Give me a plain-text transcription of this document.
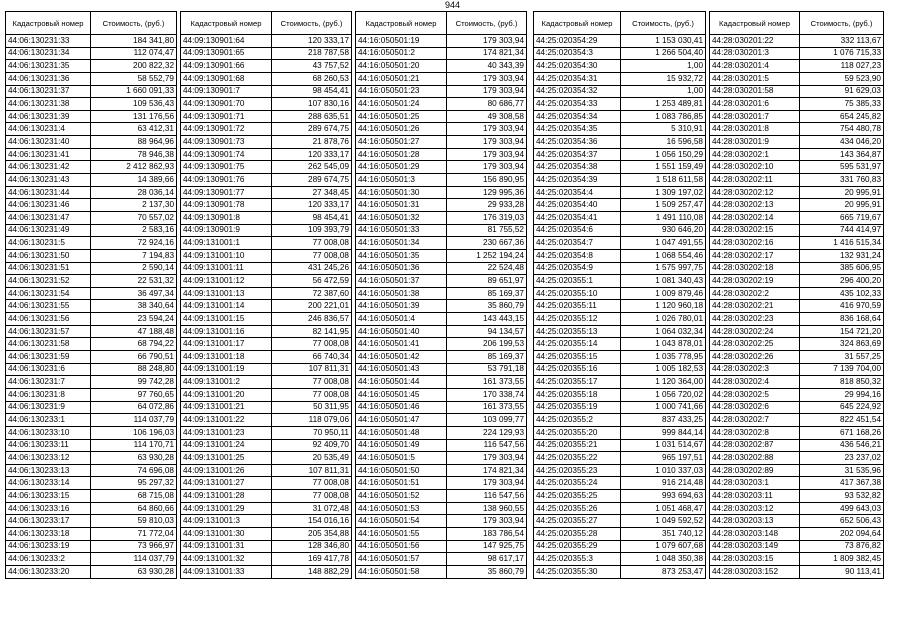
944
Кадастровый номер	Стоимость, (руб.)
44:06:130231:33	184 341,80
44:06:130231:34	112 074,47
44:06:130231:35	200 822,32
44:06:130231:36	58 552,79
44:06:130231:37	1 660 091,33
44:06:130231:38	109 536,43
44:06:130231:39	131 176,56
44:06:130231:4	63 412,31
44:06:130231:40	88 964,96
44:06:130231:41	78 946,38
44:06:130231:42	2 412 862,93
44:06:130231:43	14 389,66
44:06:130231:44	28 036,14
44:06:130231:46	2 137,30
44:06:130231:47	70 557,02
44:06:130231:49	2 583,16
44:06:130231:5	72 924,16
44:06:130231:50	7 194,83
44:06:130231:51	2 590,14
44:06:130231:52	22 531,32
44:06:130231:54	36 497,34
44:06:130231:55	38 340,64
44:06:130231:56	23 594,24
44:06:130231:57	47 188,48
44:06:130231:58	68 794,22
44:06:130231:59	66 790,51
44:06:130231:6	88 248,80
44:06:130231:7	99 742,28
44:06:130231:8	97 760,65
44:06:130231:9	64 072,86
44:06:130233:1	114 037,79
44:06:130233:10	106 196,03
44:06:130233:11	114 170,71
44:06:130233:12	63 930,28
44:06:130233:13	74 696,08
44:06:130233:14	95 297,32
44:06:130233:15	68 715,08
44:06:130233:16	64 860,66
44:06:130233:17	59 810,03
44:06:130233:18	71 772,04
44:06:130233:19	73 966,97
44:06:130233:2	114 037,79
44:06:130233:20	63 930,28
Кадастровый номер	Стоимость, (руб.)
44:09:130901:64	120 333,17
44:09:130901:65	218 787,58
44:09:130901:66	43 757,52
44:09:130901:68	68 260,53
44:09:130901:7	98 454,41
44:09:130901:70	107 830,16
44:09:130901:71	288 635,51
44:09:130901:72	289 674,75
44:09:130901:73	21 878,76
44:09:130901:74	120 333,17
44:09:130901:75	262 545,09
44:09:130901:76	289 674,75
44:09:130901:77	27 348,45
44:09:130901:78	120 333,17
44:09:130901:8	98 454,41
44:09:130901:9	109 393,79
44:09:131001:1	77 008,08
44:09:131001:10	77 008,08
44:09:131001:11	431 245,26
44:09:131001:12	56 472,59
44:09:131001:13	72 387,60
44:09:131001:14	200 221,01
44:09:131001:15	246 836,57
44:09:131001:16	82 141,95
44:09:131001:17	77 008,08
44:09:131001:18	66 740,34
44:09:131001:19	107 811,31
44:09:131001:2	77 008,08
44:09:131001:20	77 008,08
44:09:131001:21	50 311,95
44:09:131001:22	118 079,06
44:09:131001:23	70 950,11
44:09:131001:24	92 409,70
44:09:131001:25	20 535,49
44:09:131001:26	107 811,31
44:09:131001:27	77 008,08
44:09:131001:28	77 008,08
44:09:131001:29	31 072,48
44:09:131001:3	154 016,16
44:09:131001:30	205 354,88
44:09:131001:31	128 346,80
44:09:131001:32	169 417,78
44:09:131001:33	148 882,29
Кадастровый номер	Стоимость, (руб.)
44:16:050501:19	179 303,94
44:16:050501:2	174 821,34
44:16:050501:20	40 343,39
44:16:050501:21	179 303,94
44:16:050501:23	179 303,94
44:16:050501:24	80 686,77
44:16:050501:25	49 308,58
44:16:050501:26	179 303,94
44:16:050501:27	179 303,94
44:16:050501:28	179 303,94
44:16:050501:29	179 303,94
44:16:050501:3	156 890,95
44:16:050501:30	129 995,36
44:16:050501:31	29 933,28
44:16:050501:32	176 319,03
44:16:050501:33	81 755,52
44:16:050501:34	230 667,36
44:16:050501:35	1 252 194,24
44:16:050501:36	22 524,48
44:16:050501:37	89 651,97
44:16:050501:38	85 169,37
44:16:050501:39	35 860,79
44:16:050501:4	143 443,15
44:16:050501:40	94 134,57
44:16:050501:41	206 199,53
44:16:050501:42	85 169,37
44:16:050501:43	53 791,18
44:16:050501:44	161 373,55
44:16:050501:45	170 338,74
44:16:050501:46	161 373,55
44:16:050501:47	103 099,77
44:16:050501:48	224 129,93
44:16:050501:49	116 547,56
44:16:050501:5	179 303,94
44:16:050501:50	174 821,34
44:16:050501:51	179 303,94
44:16:050501:52	116 547,56
44:16:050501:53	138 960,55
44:16:050501:54	179 303,94
44:16:050501:55	183 786,54
44:16:050501:56	147 925,75
44:16:050501:57	98 617,17
44:16:050501:58	35 860,79
Кадастровый номер	Стоимость, (руб.)
44:25:020354:29	1 153 030,41
44:25:020354:3	1 266 504,40
44:25:020354:30	1,00
44:25:020354:31	15 932,72
44:25:020354:32	1,00
44:25:020354:33	1 253 489,81
44:25:020354:34	1 083 786,85
44:25:020354:35	5 310,91
44:25:020354:36	16 596,58
44:25:020354:37	1 056 150,29
44:25:020354:38	1 551 159,49
44:25:020354:39	1 518 611,58
44:25:020354:4	1 309 197,02
44:25:020354:40	1 509 257,47
44:25:020354:41	1 491 110,08
44:25:020354:6	930 646,20
44:25:020354:7	1 047 491,55
44:25:020354:8	1 068 554,46
44:25:020354:9	1 575 997,75
44:25:020355:1	1 081 340,43
44:25:020355:10	1 009 879,46
44:25:020355:11	1 120 960,18
44:25:020355:12	1 026 780,01
44:25:020355:13	1 064 032,34
44:25:020355:14	1 043 878,01
44:25:020355:15	1 035 778,95
44:25:020355:16	1 005 182,53
44:25:020355:17	1 120 364,00
44:25:020355:18	1 056 720,02
44:25:020355:19	1 000 741,66
44:25:020355:2	837 433,25
44:25:020355:20	999 844,14
44:25:020355:21	1 031 514,67
44:25:020355:22	965 197,51
44:25:020355:23	1 010 337,03
44:25:020355:24	916 214,48
44:25:020355:25	993 694,63
44:25:020355:26	1 051 468,47
44:25:020355:27	1 049 592,52
44:25:020355:28	351 740,12
44:25:020355:29	1 079 607,68
44:25:020355:3	1 048 350,38
44:25:020355:30	873 253,47
Кадастровый номер	Стоимость, (руб.)
44:28:030201:22	332 113,67
44:28:030201:3	1 076 715,33
44:28:030201:4	118 027,23
44:28:030201:5	59 523,90
44:28:030201:58	91 629,03
44:28:030201:6	75 385,33
44:28:030201:7	654 245,82
44:28:030201:8	754 480,78
44:28:030201:9	434 046,20
44:28:030202:1	143 364,87
44:28:030202:10	595 531,97
44:28:030202:11	331 760,83
44:28:030202:12	20 995,91
44:28:030202:13	20 995,91
44:28:030202:14	665 719,67
44:28:030202:15	744 414,97
44:28:030202:16	1 416 515,34
44:28:030202:17	132 931,24
44:28:030202:18	385 606,95
44:28:030202:19	296 400,20
44:28:030202:2	435 102,33
44:28:030202:21	416 970,59
44:28:030202:23	836 168,64
44:28:030202:24	154 721,20
44:28:030202:25	324 863,69
44:28:030202:26	31 557,25
44:28:030202:3	7 139 704,00
44:28:030202:4	818 850,32
44:28:030202:5	29 994,16
44:28:030202:6	645 224,92
44:28:030202:7	822 451,54
44:28:030202:8	671 168,26
44:28:030202:87	436 546,21
44:28:030202:88	23 237,02
44:28:030202:89	31 535,96
44:28:030203:1	417 367,38
44:28:030203:11	93 532,82
44:28:030203:12	499 643,03
44:28:030203:13	652 506,43
44:28:030203:148	202 094,64
44:28:030203:149	73 876,82
44:28:030203:15	1 809 382,45
44:28:030203:152	90 113,41
